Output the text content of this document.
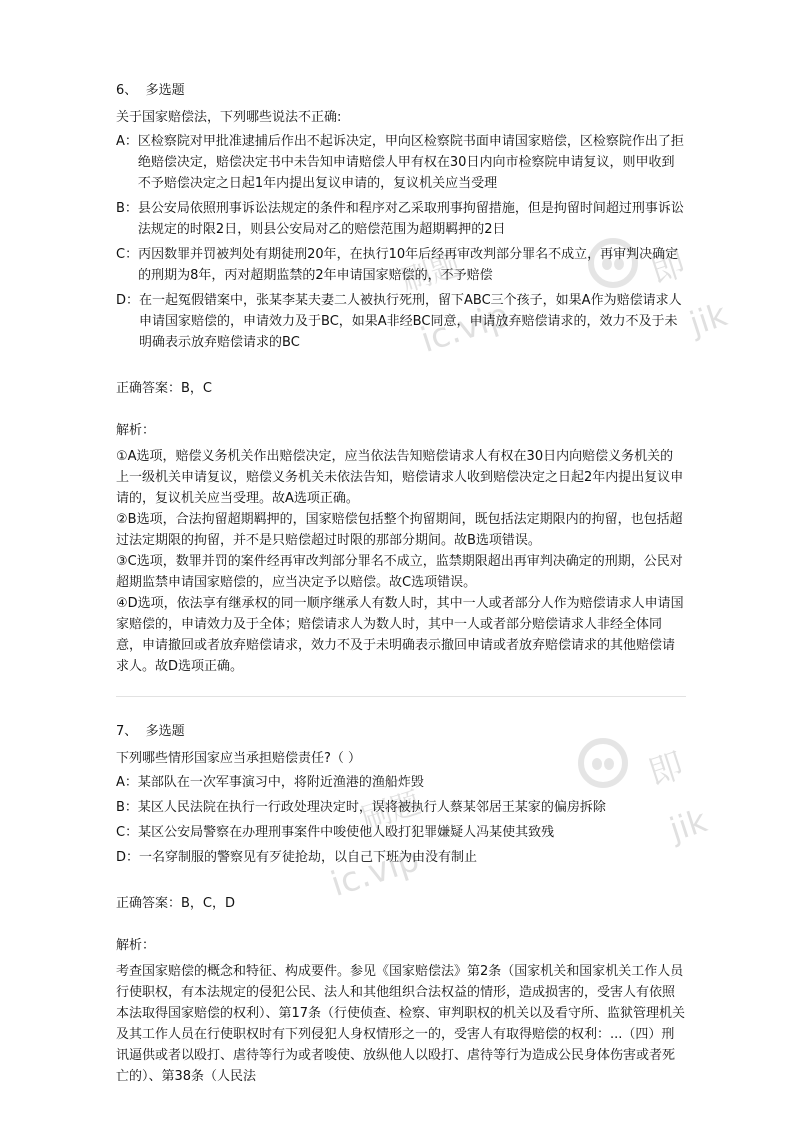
6、 多选题
关于国家赔偿法，下列哪些说法不正确:
A： 区检察院对甲批准逮捕后作出不起诉决定，甲向区检察院书面申请国家赔偿，区检察院作出了拒绝赔偿决定，赔偿决定书中未告知申请赔偿人甲有权在30日内向市检察院申请复议，则甲收到不予赔偿决定之日起1年内提出复议申请的，复议机关应当受理
B： 县公安局依照刑事诉讼法规定的条件和程序对乙采取刑事拘留措施，但是拘留时间超过刑事诉讼法规定的时限2日，则县公安局对乙的赔偿范围为超期羁押的2日
C： 丙因数罪并罚被判处有期徒刑20年，在执行10年后经再审改判部分罪名不成立，再审判决确定的刑期为8年，丙对超期监禁的2年申请国家赔偿的，不予赔偿
D： 在一起冤假错案中，张某李某夫妻二人被执行死刑，留下ABC三个孩子，如果A作为赔偿请求人申请国家赔偿的，申请效力及于BC，如果A非经BC同意，申请放弃赔偿请求的，效力不及于未明确表示放弃赔偿请求的BC
正确答案：B，C
解析：

①A选项，赔偿义务机关作出赔偿决定，应当依法告知赔偿请求人有权在30日内向赔偿义务机关的上一级机关申请复议，赔偿义务机关未依法告知，赔偿请求人收到赔偿决定之日起2年内提出复议申请的，复议机关应当受理。故A选项正确。

②B选项，合法拘留超期羁押的，国家赔偿包括整个拘留期间，既包括法定期限内的拘留，也包括超过法定期限的拘留，并不是只赔偿超过时限的那部分期间。故B选项错误。

③C选项，数罪并罚的案件经再审改判部分罪名不成立，监禁期限超出再审判决确定的刑期，公民对超期监禁申请国家赔偿的，应当决定予以赔偿。故C选项错误。

④D选项，依法享有继承权的同一顺序继承人有数人时，其中一人或者部分人作为赔偿请求人申请国家赔偿的，申请效力及于全体；赔偿请求人为数人时，其中一人或者部分赔偿请求人非经全体同意，申请撤回或者放弃赔偿请求，效力不及于未明确表示撤回申请或者放弃赔偿请求的其他赔偿请求人。故D选项正确。

7、 多选题
下列哪些情形国家应当承担赔偿责任?（ ）
A： 某部队在一次军事演习中，将附近渔港的渔船炸毁
B： 某区人民法院在执行一行政处理决定时，误将被执行人蔡某邻居王某家的偏房拆除
C： 某区公安局警察在办理刑事案件中唆使他人殴打犯罪嫌疑人冯某使其致残
D： 一名穿制服的警察见有歹徒抢劫，以自己下班为由没有制止
正确答案：B，C，D
解析：

考查国家赔偿的概念和特征、构成要件。参见《国家赔偿法》第2条（国家机关和国家机关工作人员行使职权，有本法规定的侵犯公民、法人和其他组织合法权益的情形，造成损害的，受害人有依照本法取得国家赔偿的权利）、第17条（行使侦查、检察、审判职权的机关以及看守所、监狱管理机关及其工作人员在行使职权时有下列侵犯人身权情形之一的，受害人有取得赔偿的权利：...（四）刑讯逼供或者以殴打、虐待等行为或者唆使、放纵他人以殴打、虐待等行为造成公民身体伤害或者死亡的）、第38条（人民法

即
jik
ic.vip
刷题
即
jik
ic.vip
刷题
